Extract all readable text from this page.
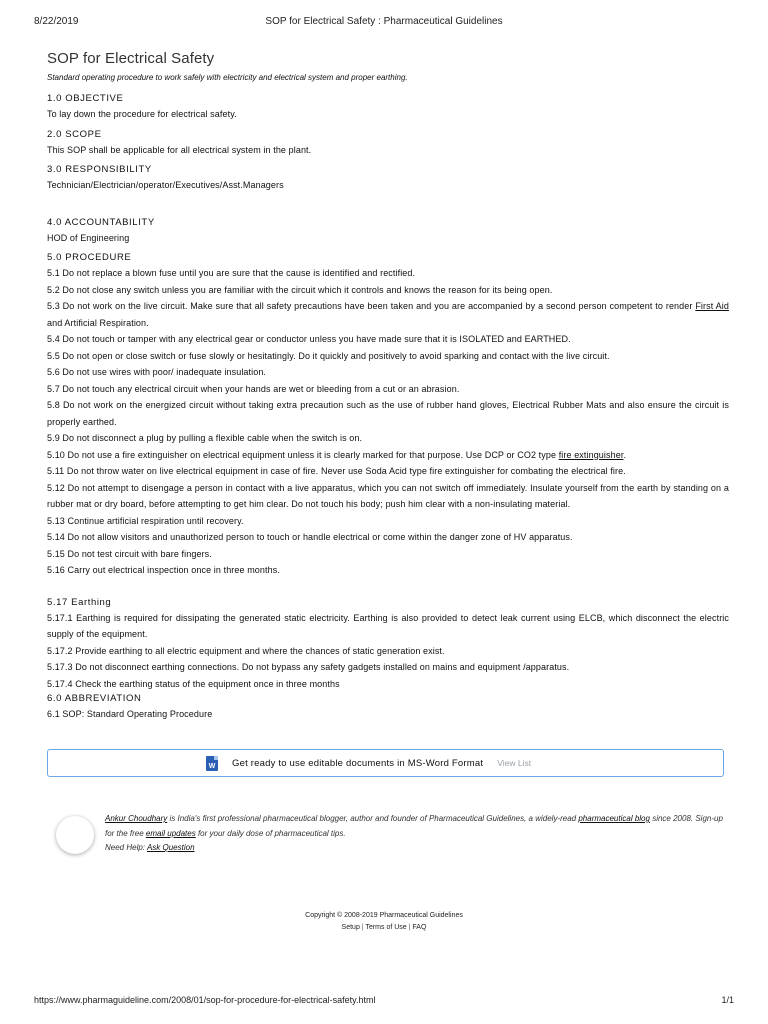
8/22/2019	SOP for Electrical Safety : Pharmaceutical Guidelines
SOP for Electrical Safety
Standard operating procedure to work safely with electricity and electrical system and proper earthing.
1.0 OBJECTIVE
To lay down the procedure for electrical safety.
2.0 SCOPE
This SOP shall be applicable for all electrical system in the plant.
3.0 RESPONSIBILITY
Technician/Electrician/operator/Executives/Asst.Managers
4.0 ACCOUNTABILITY
HOD of Engineering
5.0 PROCEDURE
5.1 Do not replace a blown fuse until you are sure that the cause is identified and rectified.
5.2 Do not close any switch unless you are familiar with the circuit which it controls and knows the reason for its being open.
5.3 Do not work on the live circuit. Make sure that all safety precautions have been taken and you are accompanied by a second person competent to render First Aid and Artificial Respiration.
5.4 Do not touch or tamper with any electrical gear or conductor unless you have made sure that it is ISOLATED and EARTHED.
5.5 Do not open or close switch or fuse slowly or hesitatingly. Do it quickly and positively to avoid sparking and contact with the live circuit.
5.6 Do not use wires with poor/ inadequate insulation.
5.7 Do not touch any electrical circuit when your hands are wet or bleeding from a cut or an abrasion.
5.8 Do not work on the energized circuit without taking extra precaution such as the use of rubber hand gloves, Electrical Rubber Mats and also ensure the circuit is properly earthed.
5.9 Do not disconnect a plug by pulling a flexible cable when the switch is on.
5.10 Do not use a fire extinguisher on electrical equipment unless it is clearly marked for that purpose. Use DCP or CO2 type fire extinguisher.
5.11 Do not throw water on live electrical equipment in case of fire. Never use Soda Acid type fire extinguisher for combating the electrical fire.
5.12 Do not attempt to disengage a person in contact with a live apparatus, which you can not switch off immediately. Insulate yourself from the earth by standing on a rubber mat or dry board, before attempting to get him clear. Do not touch his body; push him clear with a non-insulating material.
5.13 Continue artificial respiration until recovery.
5.14 Do not allow visitors and unauthorized person to touch or handle electrical or come within the danger zone of HV apparatus.
5.15 Do not test circuit with bare fingers.
5.16 Carry out electrical inspection once in three months.
5.17 Earthing
5.17.1 Earthing is required for dissipating the generated static electricity. Earthing is also provided to detect leak current using ELCB, which disconnect the electric supply of the equipment.
5.17.2 Provide earthing to all electric equipment and where the chances of static generation exist.
5.17.3 Do not disconnect earthing connections. Do not bypass any safety gadgets installed on mains and equipment /apparatus.
5.17.4 Check the earthing status of the equipment once in three months
6.0 ABBREVIATION
6.1 SOP: Standard Operating Procedure
W Get ready to use editable documents in MS-Word Format View List
Ankur Choudhary is India's first professional pharmaceutical blogger, author and founder of Pharmaceutical Guidelines, a widely-read pharmaceutical blog since 2008. Sign-up for the free email updates for your daily dose of pharmaceutical tips.
Need Help: Ask Question
Copyright © 2008-2019 Pharmaceutical Guidelines
Setup | Terms of Use | FAQ
https://www.pharmaguideline.com/2008/01/sop-for-procedure-for-electrical-safety.html	1/1
